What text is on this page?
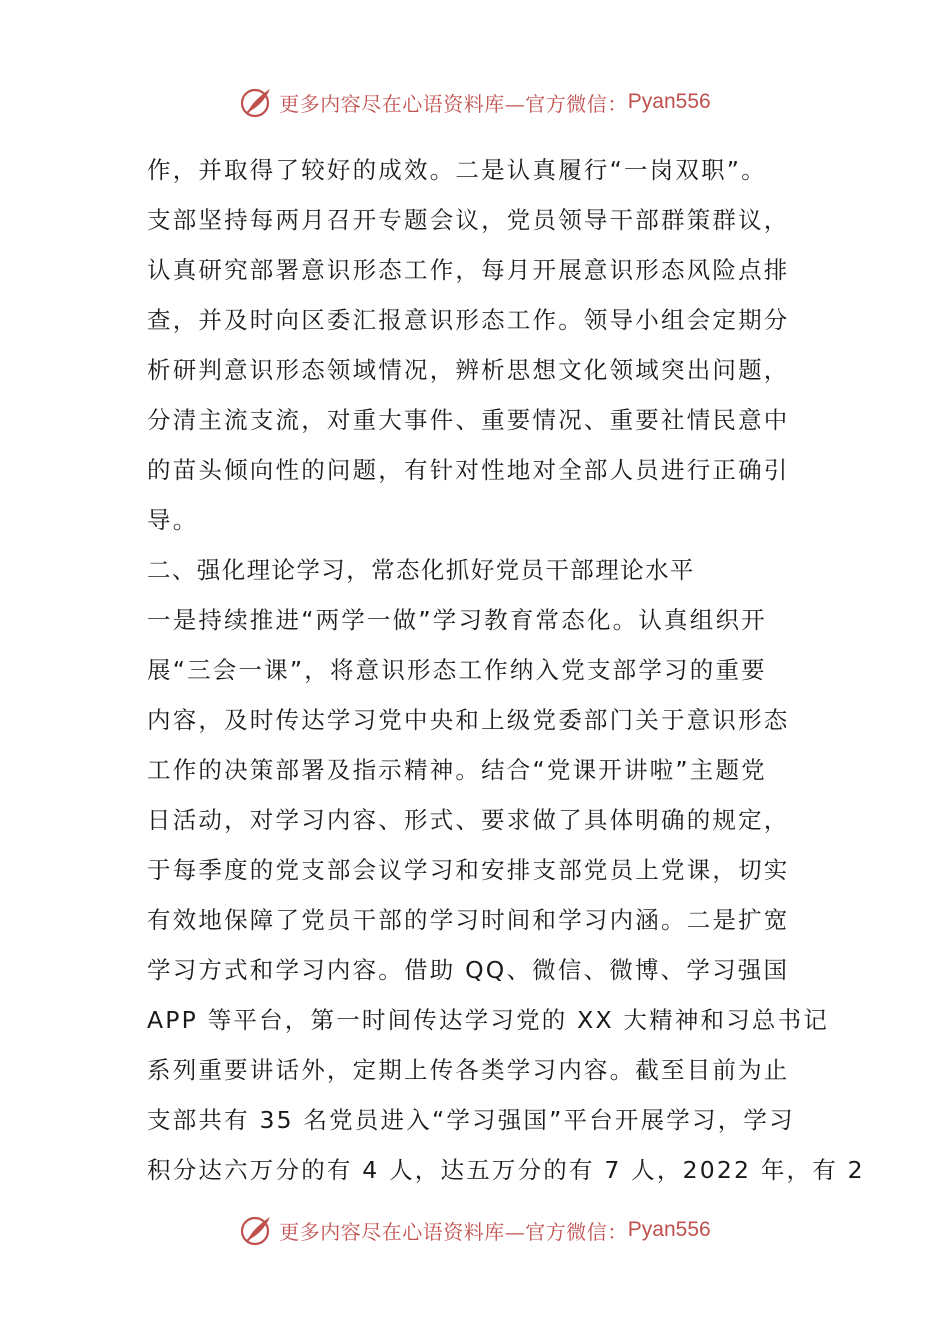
更多内容尽在心语资料库—官方微信： Pyan556
作，并取得了较好的成效。二是认真履行“一岗双职”。
支部坚持每两月召开专题会议，党员领导干部群策群议，
认真研究部署意识形态工作，每月开展意识形态风险点排
查，并及时向区委汇报意识形态工作。领导小组会定期分
析研判意识形态领域情况，辨析思想文化领域突出问题，
分清主流支流，对重大事件、重要情况、重要社情民意中
的苗头倾向性的问题，有针对性地对全部人员进行正确引
导。
二、强化理论学习，常态化抓好党员干部理论水平
一是持续推进“两学一做”学习教育常态化。认真组织开
展“三会一课”，将意识形态工作纳入党支部学习的重要
内容，及时传达学习党中央和上级党委部门关于意识形态
工作的决策部署及指示精神。结合“党课开讲啦”主题党
日活动，对学习内容、形式、要求做了具体明确的规定，
于每季度的党支部会议学习和安排支部党员上党课，切实
有效地保障了党员干部的学习时间和学习内涵。二是扩宽
学习方式和学习内容。借助 QQ、微信、微博、学习强国
APP 等平台，第一时间传达学习党的 XX 大精神和习总书记
系列重要讲话外，定期上传各类学习内容。截至目前为止
支部共有 35 名党员进入“学习强国”平台开展学习，学习
积分达六万分的有 4 人，达五万分的有 7 人，2022 年，有 2
更多内容尽在心语资料库—官方微信： Pyan556
